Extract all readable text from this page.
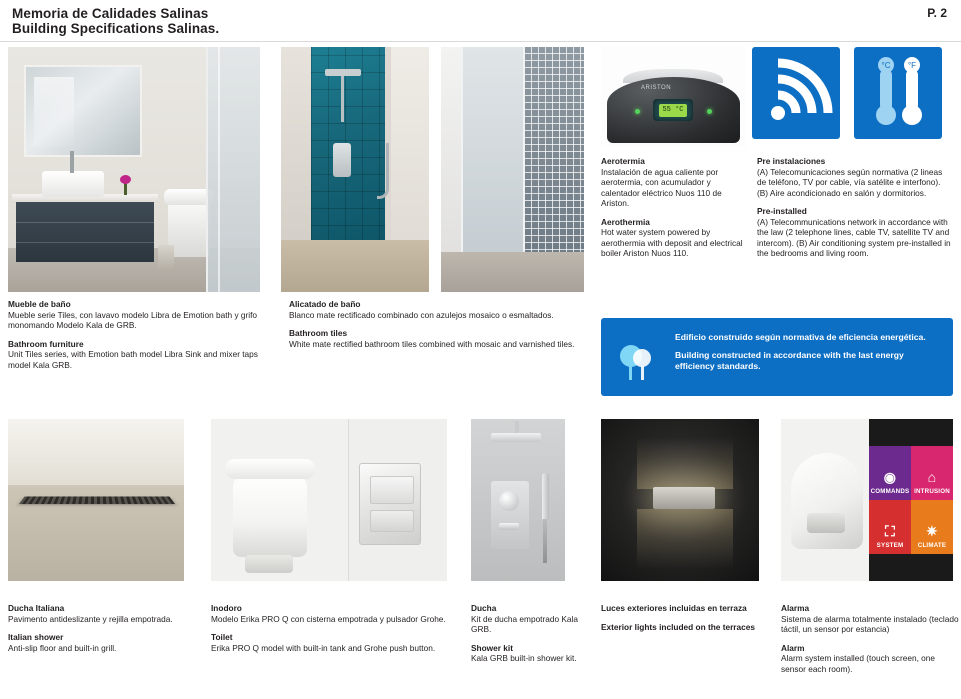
Memoria de Calidades Salinas
Building Specifications Salinas.
P. 2
ARISTON
55 °C
°C °F

Aerotermia

Instalación de agua caliente por aerotermia, con acumulador y calentador eléctrico Nuos 110 de Ariston.

Aerothermia

Hot water system powered by aerothermia with deposit and electrical boiler Ariston Nuos 110.

Pre instalaciones

(A) Telecomunicaciones según normativa (2 lineas de teléfono, TV por cable, vía satélite e interfono). (B) Aire acondicionado en salón y dormitorios.

Pre-installed

(A) Telecommunications network in accordance with the law (2 telephone lines, cable TV, satellite TV and intercom). (B) Air conditioning system pre-installed in the bedrooms and living room.

Mueble de baño

Mueble serie Tiles, con lavavo modelo Libra de Emotion bath y grifo monomando Modelo Kala de GRB.

Bathroom furniture

Unit Tiles series, with Emotion bath model Libra Sink and mixer taps model Kala GRB.

Alicatado de baño

Blanco mate rectificado combinado con azulejos mosaico o esmaltados.

Bathroom tiles

White mate rectified bathroom tiles combined with mosaic and varnished tiles.

Edificio construido según normativa de eficiencia energética.
Building constructed in accordance with the last energy efficiency standards.
◉
COMMANDS
⌂
INTRUSION
⛶
SYSTEM
✷
CLIMATE

Ducha Italiana

Pavimento antideslizante y rejilla empotrada.

Italian shower

Anti-slip floor and built-in grill.

Inodoro

Modelo Erika PRO Q con cisterna empotrada y pulsador Grohe.

Toilet

Erika PRO Q model with built-in tank and Grohe push button.

Ducha

Kit de ducha empotrado Kala GRB.

Shower kit

Kala GRB built-in shower kit.

Luces exteriores incluidas en terraza

Exterior lights included on the terraces

Alarma

Sistema de alarma totalmente instalado (teclado táctil, un sensor por estancia)

Alarm

Alarm system installed (touch screen, one sensor each room).
